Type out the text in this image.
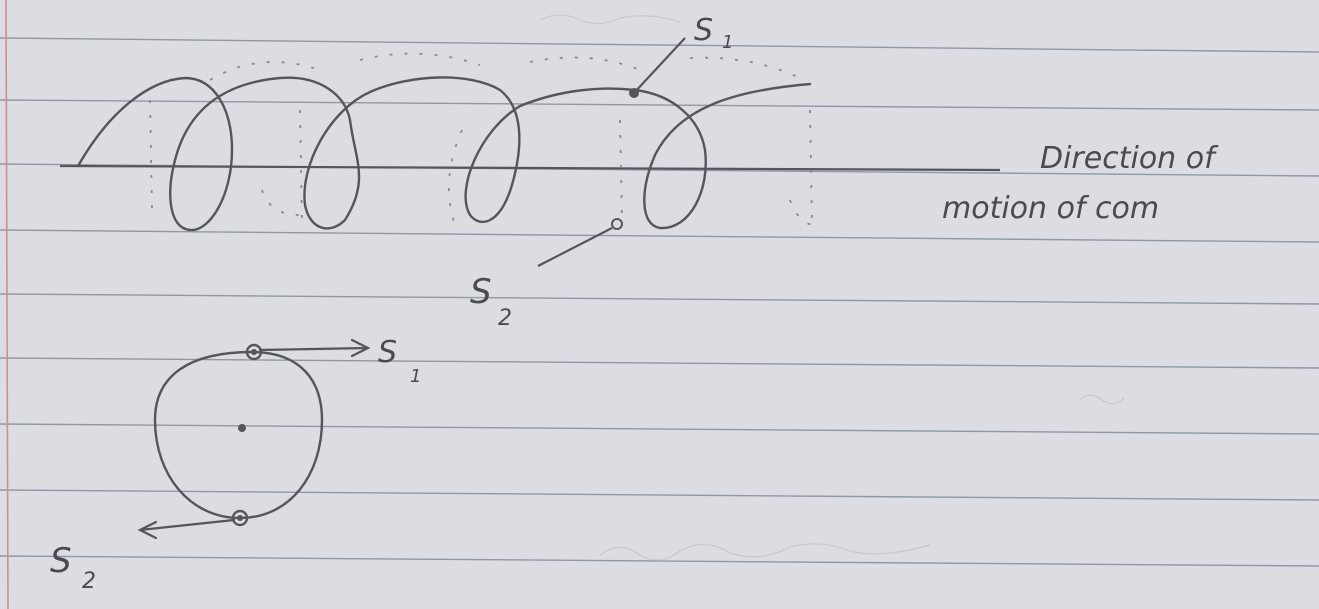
S 1
S
2
Direction of
motion of com
S
1
S
2
